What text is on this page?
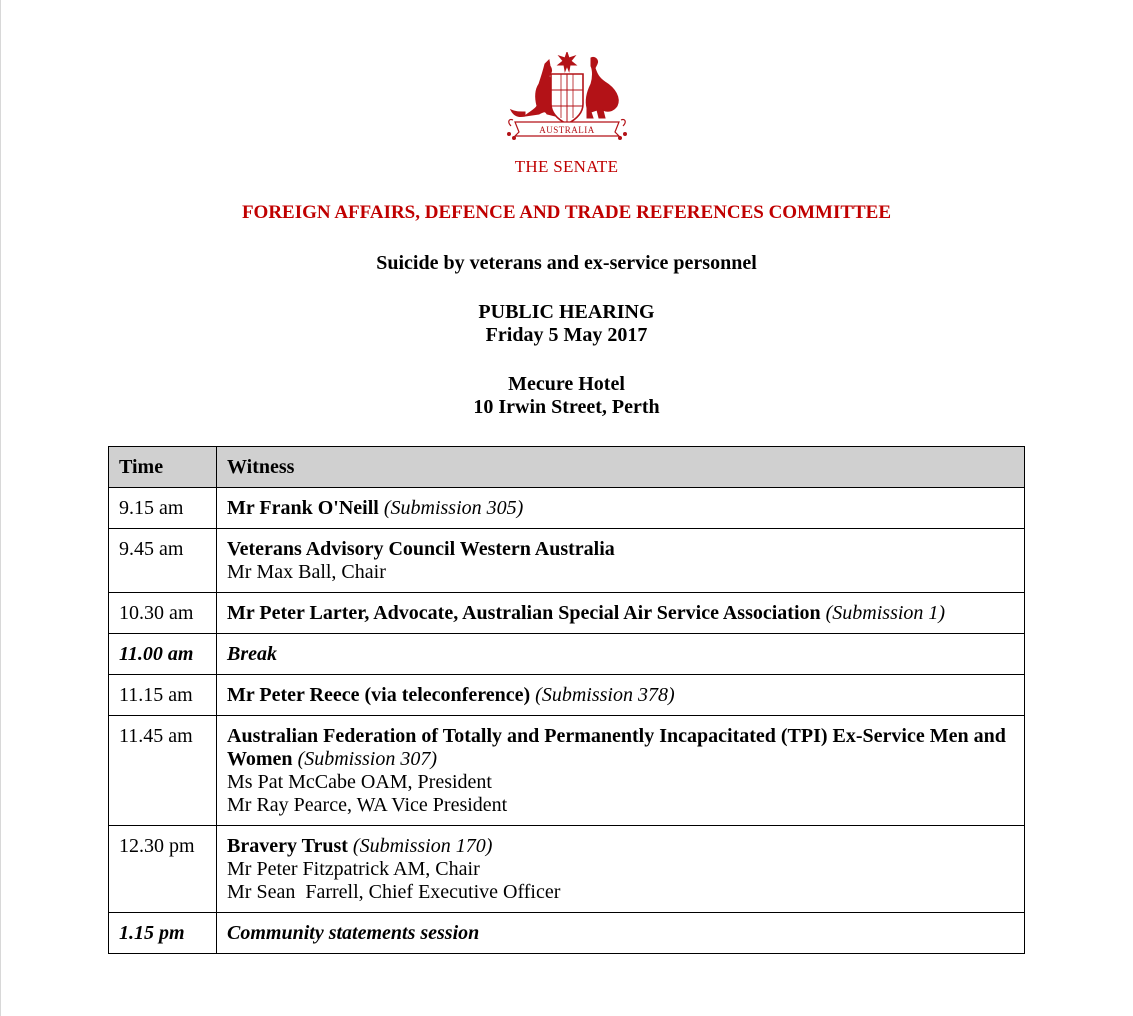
AUSTRALIA
THE SENATE
FOREIGN AFFAIRS, DEFENCE AND TRADE REFERENCES COMMITTEE
Suicide by veterans and ex-service personnel
PUBLIC HEARING
Friday 5 May 2017
Mecure Hotel
10 Irwin Street, Perth
Time	Witness
9.15 am	Mr Frank O'Neill (Submission 305)
9.45 am	Veterans Advisory Council Western Australia
Mr Max Ball, Chair

10.30 am	Mr Peter Larter, Advocate, Australian Special Air Service Association (Submission 1)
11.00 am	Break
11.15 am	Mr Peter Reece (via teleconference) (Submission 378)
11.45 am	Australian Federation of Totally and Permanently Incapacitated (TPI) Ex-Service Men and Women (Submission 307)
Ms Pat McCabe OAM, President
Mr Ray Pearce, WA Vice President

12.30 pm	Bravery Trust (Submission 170)
Mr Peter Fitzpatrick AM, Chair
Mr Sean  Farrell, Chief Executive Officer

1.15 pm	Community statements session
